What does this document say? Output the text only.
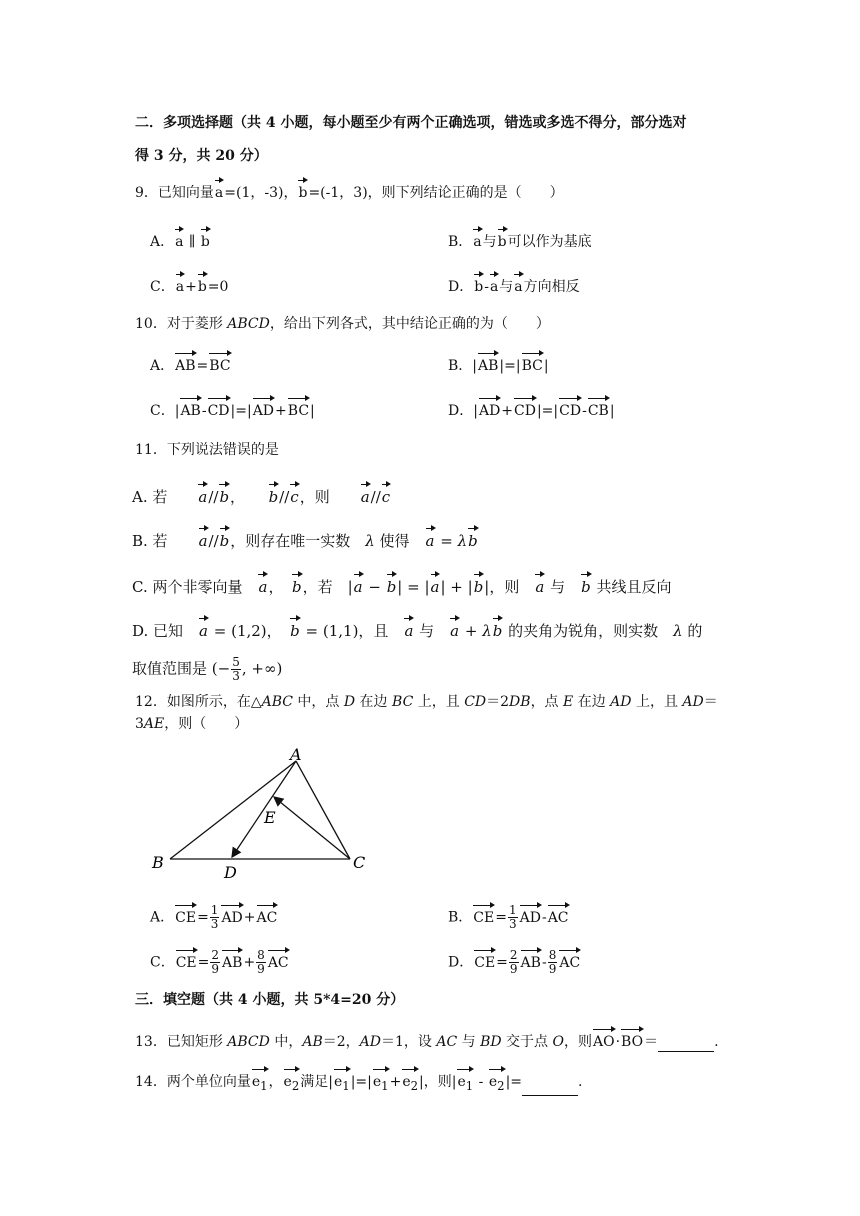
二．多项选择题（共 4 小题，每小题至少有两个正确选项，错选或多选不得分，部分选对
得 3 分，共 20 分）
9．已知向量a=(1，-3)，b=(-1，3)，则下列结论正确的是（　　）
A．a ∥ b	B．a与b可以作为基底
C．a+b=0	D．b-a与a方向相反
10．对于菱形 ABCD，给出下列各式，其中结论正确的为（　　）
A．AB=BC	B．|AB|=|BC|
C．|AB-CD|=|AD+BC|	D．|AD+CD|=|CD-CB|
11．下列说法错误的是
A. 若　　a//b，　　b//c，则　　a//c
B. 若　　a//b，则存在唯一实数　λ 使得　a = λb
C. 两个非零向量　a，　b，若　|a − b| = |a| + |b|，则　a 与　b 共线且反向
D. 已知　a = (1,2)，　b = (1,1)，且　a 与　a + λb 的夹角为锐角，则实数　λ 的
取值范围是 (− $\frac{5}{3}$ , +∞)
12．如图所示，在△ABC 中，点 D 在边 BC 上，且 CD＝2DB，点 E 在边 AD 上，且 AD＝
3AE，则（　　）
A
B	C
D
E
A．$CE= \frac{1}{3} AD+AC$	B．$CE= \frac{1}{3} AD-AC$
C．$CE= \frac{2}{9} AB+ \frac{8}{9}$ AC	D．$CE= \frac{2}{9} AB- \frac{8}{9}$ AC
三．填空题（共 4 小题，共 5*4=20 分）
13．已知矩形 ABCD 中，AB＝2，AD＝1，设 AC 与 BD 交于点 O，则AO·BO＝	.
14．两个单位向量$e_1$，$e_2$满足$|e_1|=|e_1+e_2|$，则$|e_1 - e_2|=$	.
